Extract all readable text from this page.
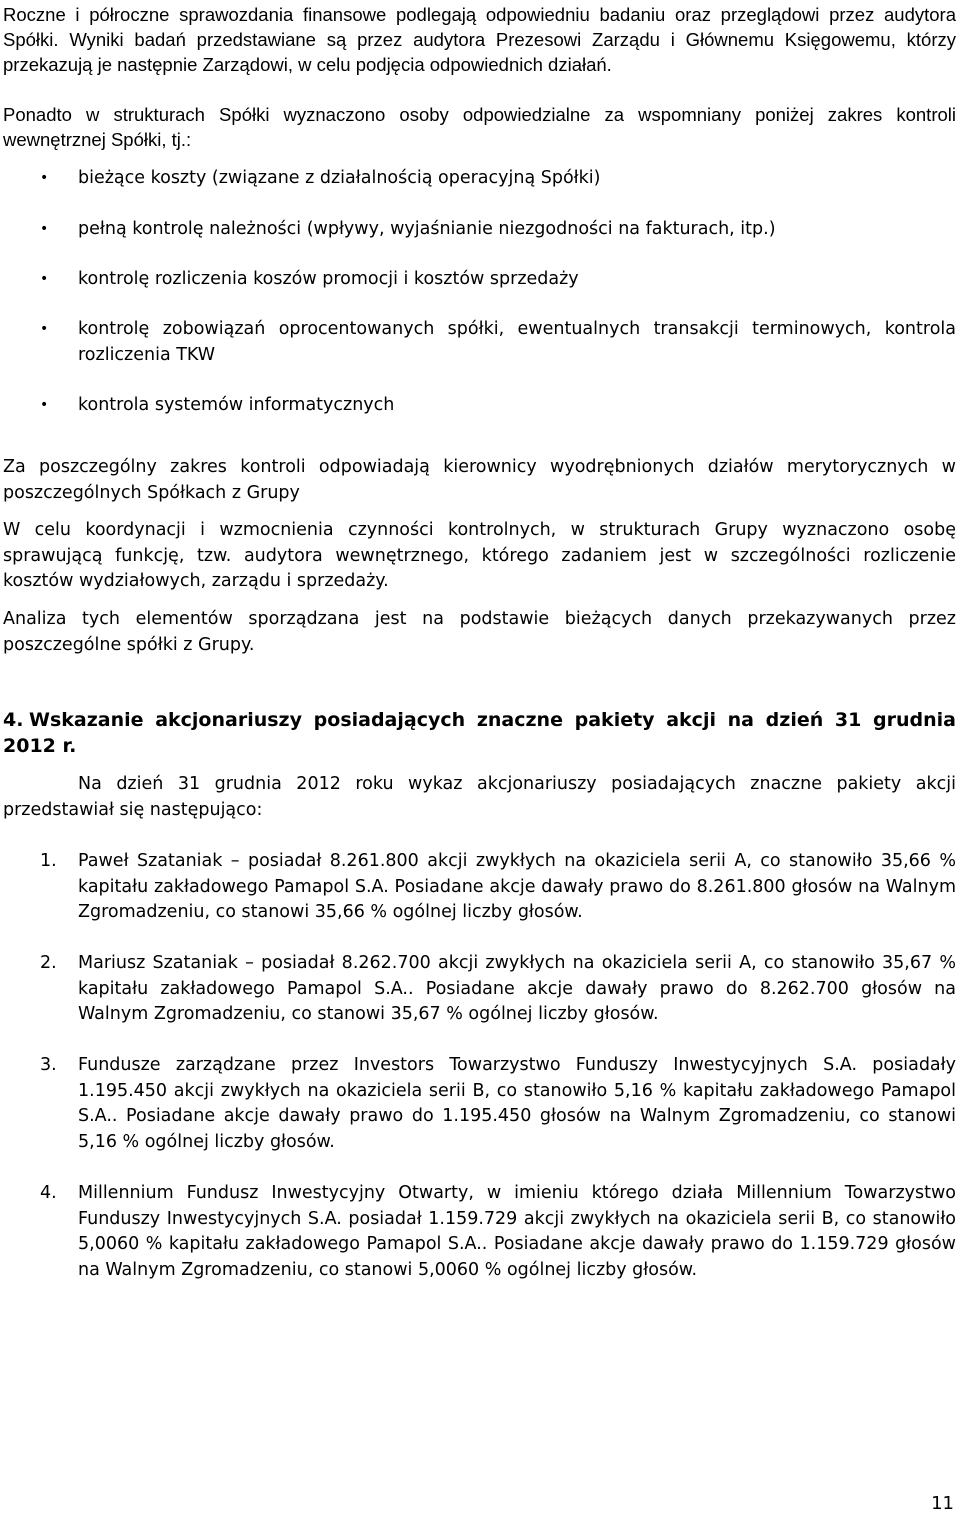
Roczne i półroczne sprawozdania finansowe podlegają odpowiedniu badaniu oraz przeglądowi przez audytora Spółki. Wyniki badań przedstawiane są przez audytora Prezesowi Zarządu i Głównemu Księgowemu, którzy przekazują je następnie Zarządowi, w celu podjęcia odpowiednich działań.

Ponadto w strukturach Spółki wyznaczono osoby odpowiedzialne za wspomniany poniżej zakres kontroli wewnętrznej Spółki, tj.:

•	bieżące koszty (związane z działalnością operacyjną Spółki)
•	pełną kontrolę należności (wpływy, wyjaśnianie niezgodności na fakturach, itp.)
•	kontrolę rozliczenia koszów promocji i kosztów sprzedaży
•	kontrolę zobowiązań oprocentowanych spółki, ewentualnych transakcji terminowych, kontrola rozliczenia TKW
•	kontrola systemów informatycznych

Za poszczególny zakres kontroli odpowiadają kierownicy wyodrębnionych działów merytorycznych w poszczególnych Spółkach z Grupy

W celu koordynacji i wzmocnienia czynności kontrolnych, w strukturach Grupy wyznaczono osobę sprawującą funkcję, tzw. audytora wewnętrznego, którego zadaniem jest w szczególności rozliczenie kosztów wydziałowych, zarządu i sprzedaży.

Analiza tych elementów sporządzana jest na podstawie bieżących danych przekazywanych przez poszczególne spółki z Grupy.

4. Wskazanie akcjonariuszy posiadających znaczne pakiety akcji na dzień 31 grudnia 2012 r.

Na dzień 31 grudnia 2012 roku wykaz akcjonariuszy posiadających znaczne pakiety akcji przedstawiał się następująco:

1.	Paweł Szataniak – posiadał 8.261.800 akcji zwykłych na okaziciela serii A, co stanowiło 35,66 % kapitału zakładowego Pamapol S.A. Posiadane akcje dawały prawo do 8.261.800 głosów na Walnym Zgromadzeniu, co stanowi 35,66 % ogólnej liczby głosów.

2.	Mariusz Szataniak – posiadał 8.262.700 akcji zwykłych na okaziciela serii A, co stanowiło 35,67 % kapitału zakładowego Pamapol S.A.. Posiadane akcje dawały prawo do 8.262.700 głosów na Walnym Zgromadzeniu, co stanowi 35,67 % ogólnej liczby głosów.

3.	Fundusze zarządzane przez Investors Towarzystwo Funduszy Inwestycyjnych S.A. posiadały 1.195.450 akcji zwykłych na okaziciela serii B, co stanowiło 5,16 % kapitału zakładowego Pamapol S.A.. Posiadane akcje dawały prawo do 1.195.450 głosów na Walnym Zgromadzeniu, co stanowi 5,16 % ogólnej liczby głosów.

4.	Millennium Fundusz Inwestycyjny Otwarty, w imieniu którego działa Millennium Towarzystwo Funduszy Inwestycyjnych S.A. posiadał 1.159.729 akcji zwykłych na okaziciela serii B, co stanowiło 5,0060 % kapitału zakładowego Pamapol S.A.. Posiadane akcje dawały prawo do 1.159.729 głosów na Walnym Zgromadzeniu, co stanowi 5,0060 % ogólnej liczby głosów.

11
